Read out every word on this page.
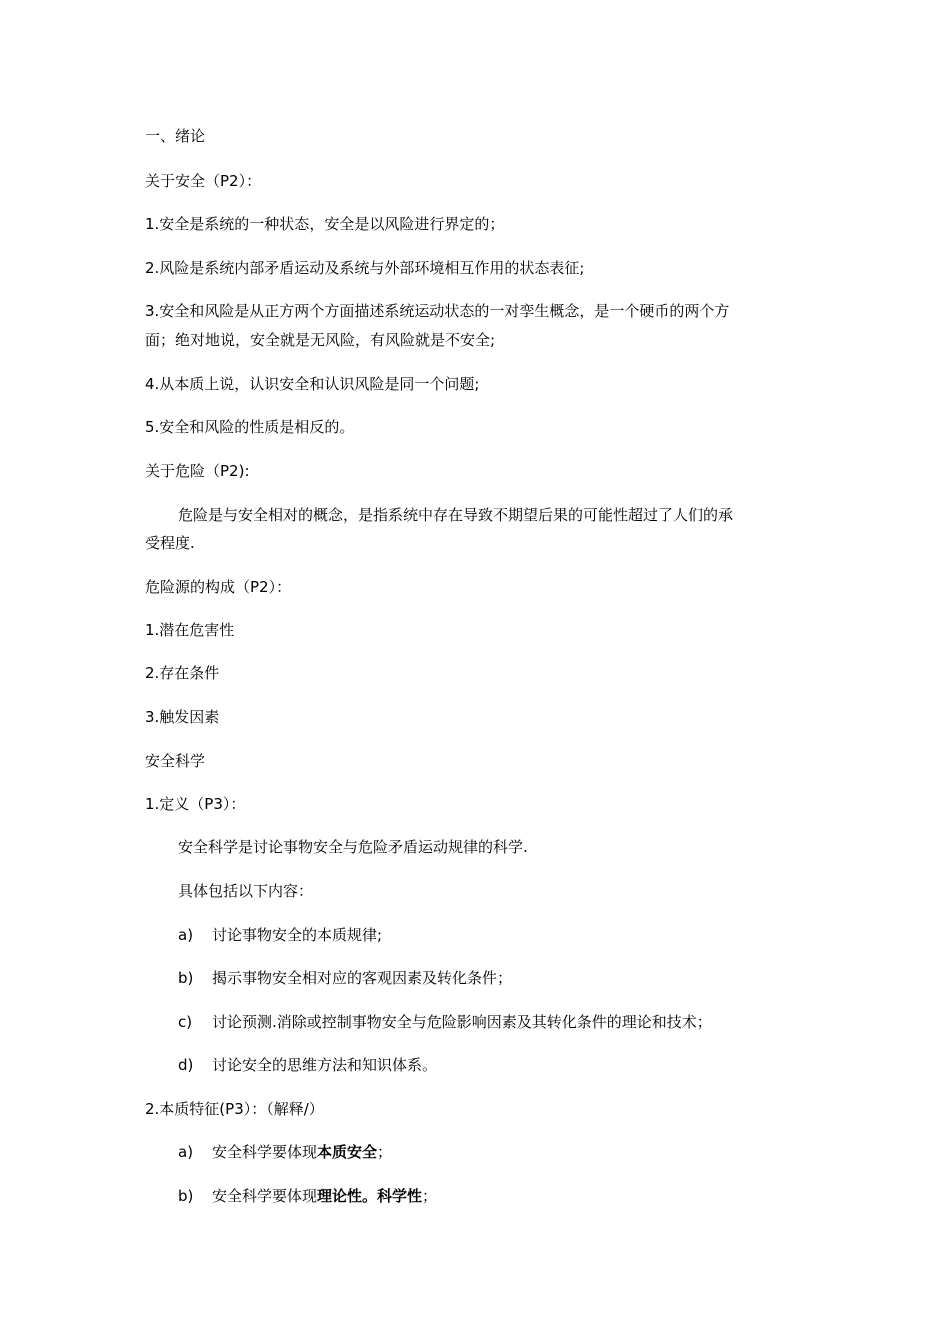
一、绪论
关于安全（P2）：
1.安全是系统的一种状态，安全是以风险进行界定的；
2.风险是系统内部矛盾运动及系统与外部环境相互作用的状态表征;
3.安全和风险是从正方两个方面描述系统运动状态的一对孪生概念，是一个硬币的两个方
面；绝对地说，安全就是无风险，有风险就是不安全;
4.从本质上说，认识安全和认识风险是同一个问题;
5.安全和风险的性质是相反的。
关于危险（P2):
危险是与安全相对的概念，是指系统中存在导致不期望后果的可能性超过了人们的承
受程度.
危险源的构成（P2）：
1.潜在危害性
2.存在条件
3.触发因素
安全科学
1.定义（P3）：
安全科学是讨论事物安全与危险矛盾运动规律的科学.
具体包括以下内容：
a) 讨论事物安全的本质规律;
b) 揭示事物安全相对应的客观因素及转化条件；
c) 讨论预测.消除或控制事物安全与危险影响因素及其转化条件的理论和技术；
d) 讨论安全的思维方法和知识体系。
2.本质特征(P3）：（解释/）
a) 安全科学要体现本质安全；
b) 安全科学要体现理论性。科学性；
